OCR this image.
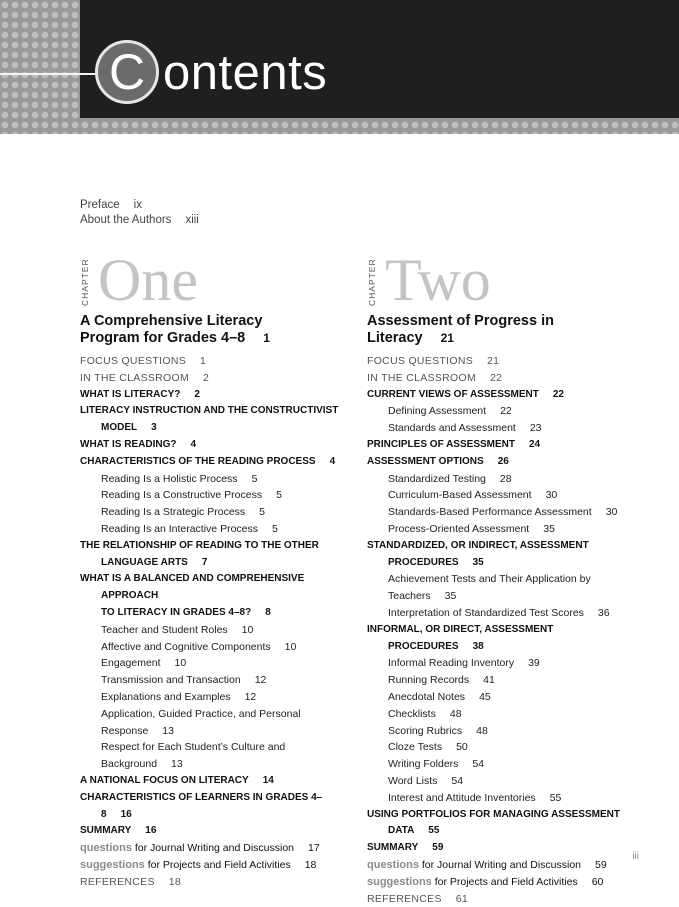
C ontents
Preface ix
About the Authors xiii
CHAPTER One
A Comprehensive Literacy
Program for Grades 4–8 1
FOCUS QUESTIONS 1
IN THE CLASSROOM 2
WHAT IS LITERACY? 2
LITERACY INSTRUCTION AND THE CONSTRUCTIVIST
MODEL 3
WHAT IS READING? 4
CHARACTERISTICS OF THE READING PROCESS 4
Reading Is a Holistic Process 5
Reading Is a Constructive Process 5
Reading Is a Strategic Process 5
Reading Is an Interactive Process 5
THE RELATIONSHIP OF READING TO THE OTHER
LANGUAGE ARTS 7
WHAT IS A BALANCED AND COMPREHENSIVE APPROACH
TO LITERACY IN GRADES 4–8? 8
Teacher and Student Roles 10
Affective and Cognitive Components 10
Engagement 10
Transmission and Transaction 12
Explanations and Examples 12
Application, Guided Practice, and Personal Response 13
Respect for Each Student’s Culture and Background 13
A NATIONAL FOCUS ON LITERACY 14
CHARACTERISTICS OF LEARNERS IN GRADES 4–8 16
SUMMARY 16
questions for Journal Writing and Discussion 17
suggestions for Projects and Field Activities 18
REFERENCES 18
CHAPTER Two
Assessment of Progress in Literacy 21
FOCUS QUESTIONS 21
IN THE CLASSROOM 22
CURRENT VIEWS OF ASSESSMENT 22
Defining Assessment 22
Standards and Assessment 23
PRINCIPLES OF ASSESSMENT 24
ASSESSMENT OPTIONS 26
Standardized Testing 28
Curriculum-Based Assessment 30
Standards-Based Performance Assessment 30
Process-Oriented Assessment 35
STANDARDIZED, OR INDIRECT, ASSESSMENT
PROCEDURES 35
Achievement Tests and Their Application by Teachers 35
Interpretation of Standardized Test Scores 36
INFORMAL, OR DIRECT, ASSESSMENT PROCEDURES 38
Informal Reading Inventory 39
Running Records 41
Anecdotal Notes 45
Checklists 48
Scoring Rubrics 48
Cloze Tests 50
Writing Folders 54
Word Lists 54
Interest and Attitude Inventories 55
USING PORTFOLIOS FOR MANAGING ASSESSMENT DATA 55
SUMMARY 59
questions for Journal Writing and Discussion 59
suggestions for Projects and Field Activities 60
REFERENCES 61
iii
